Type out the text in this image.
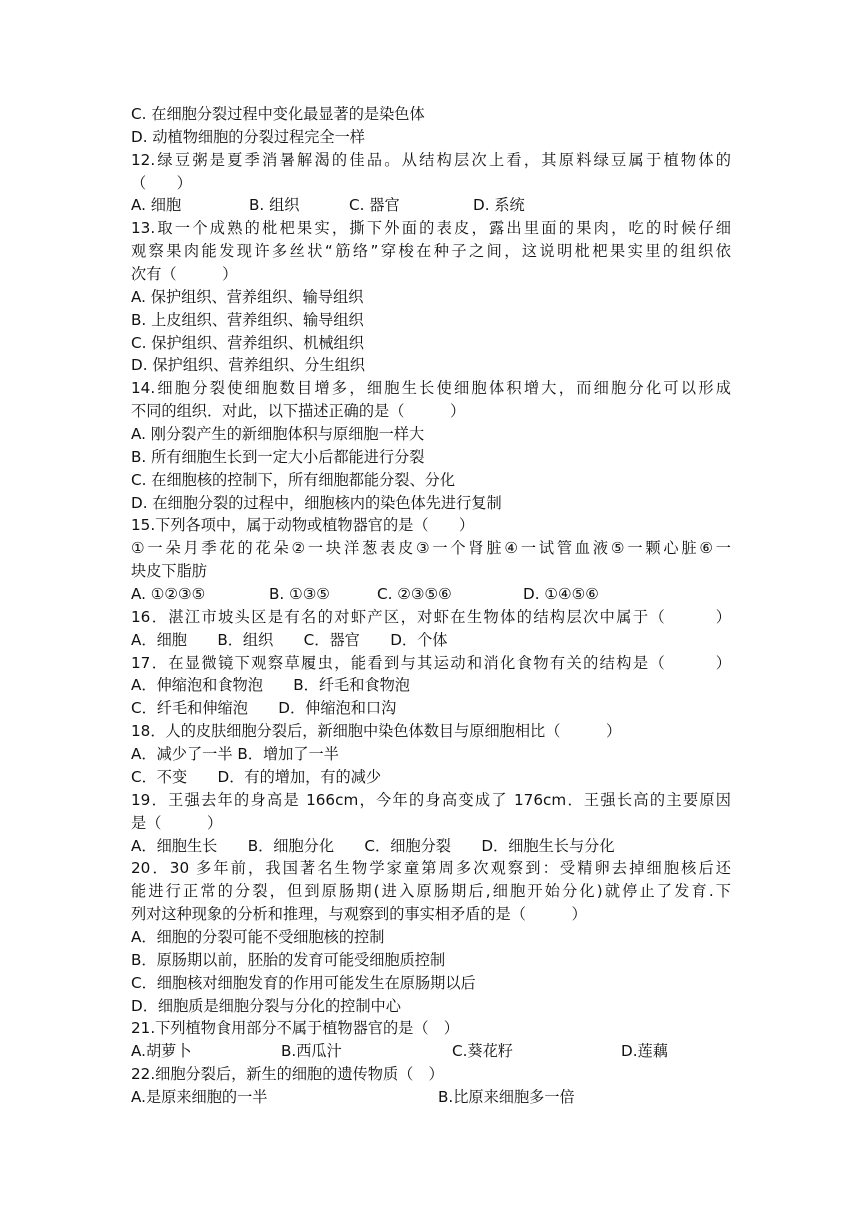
C. 在细胞分裂过程中变化最显著的是染色体
D. 动植物细胞的分裂过程完全一样
12.绿豆粥是夏季消暑解渴的佳品。从结构层次上看，其原料绿豆属于植物体的
（　　）
A. 细胞	B. 组织	C. 器官	D. 系统
13.取一个成熟的枇杷果实，撕下外面的表皮，露出里面的果肉，吃的时候仔细
观察果肉能发现许多丝状“筋络”穿梭在种子之间，这说明枇杷果实里的组织依
次有（　　　）
A. 保护组织、营养组织、输导组织
B. 上皮组织、营养组织、输导组织
C. 保护组织、营养组织、机械组织
D. 保护组织、营养组织、分生组织
14.细胞分裂使细胞数目增多，细胞生长使细胞体积增大，而细胞分化可以形成
不同的组织．对此，以下描述正确的是（　　　）
A. 刚分裂产生的新细胞体积与原细胞一样大
B. 所有细胞生长到一定大小后都能进行分裂
C. 在细胞核的控制下，所有细胞都能分裂、分化
D. 在细胞分裂的过程中，细胞核内的染色体先进行复制
15.下列各项中，属于动物或植物器官的是（　　）
①一朵月季花的花朵②一块洋葱表皮③一个肾脏④一试管血液⑤一颗心脏⑥一
块皮下脂肪
A. ①②③⑤	B. ①③⑤	C. ②③⑤⑥	D. ①④⑤⑥
16．湛江市坡头区是有名的对虾产区，对虾在生物体的结构层次中属于（　　　）
A．细胞　　B．组织　　C．器官　　D．个体
17．在显微镜下观察草履虫，能看到与其运动和消化食物有关的结构是（　　　）
A．伸缩泡和食物泡　　B．纤毛和食物泡
C．纤毛和伸缩泡　　D．伸缩泡和口沟
18．人的皮肤细胞分裂后，新细胞中染色体数目与原细胞相比（　　　）
A．减少了一半 B．增加了一半
C．不变　　D．有的增加，有的减少
19．王强去年的身高是 166cm，今年的身高变成了 176cm．王强长高的主要原因
是（　　　）
A．细胞生长　　B．细胞分化　　C．细胞分裂　　D．细胞生长与分化
20．30 多年前，我国著名生物学家童第周多次观察到：受精卵去掉细胞核后还
能进行正常的分裂，但到原肠期(进入原肠期后,细胞开始分化)就停止了发育.下
列对这种现象的分析和推理，与观察到的事实相矛盾的是（　　　）
A．细胞的分裂可能不受细胞核的控制
B．原肠期以前，胚胎的发育可能受细胞质控制
C．细胞核对细胞发育的作用可能发生在原肠期以后
D．细胞质是细胞分裂与分化的控制中心
21.下列植物食用部分不属于植物器官的是（　）
A.胡萝卜	B.西瓜汁	C.葵花籽	D.莲藕
22.细胞分裂后，新生的细胞的遗传物质（　）
A.是原来细胞的一半	B.比原来细胞多一倍
